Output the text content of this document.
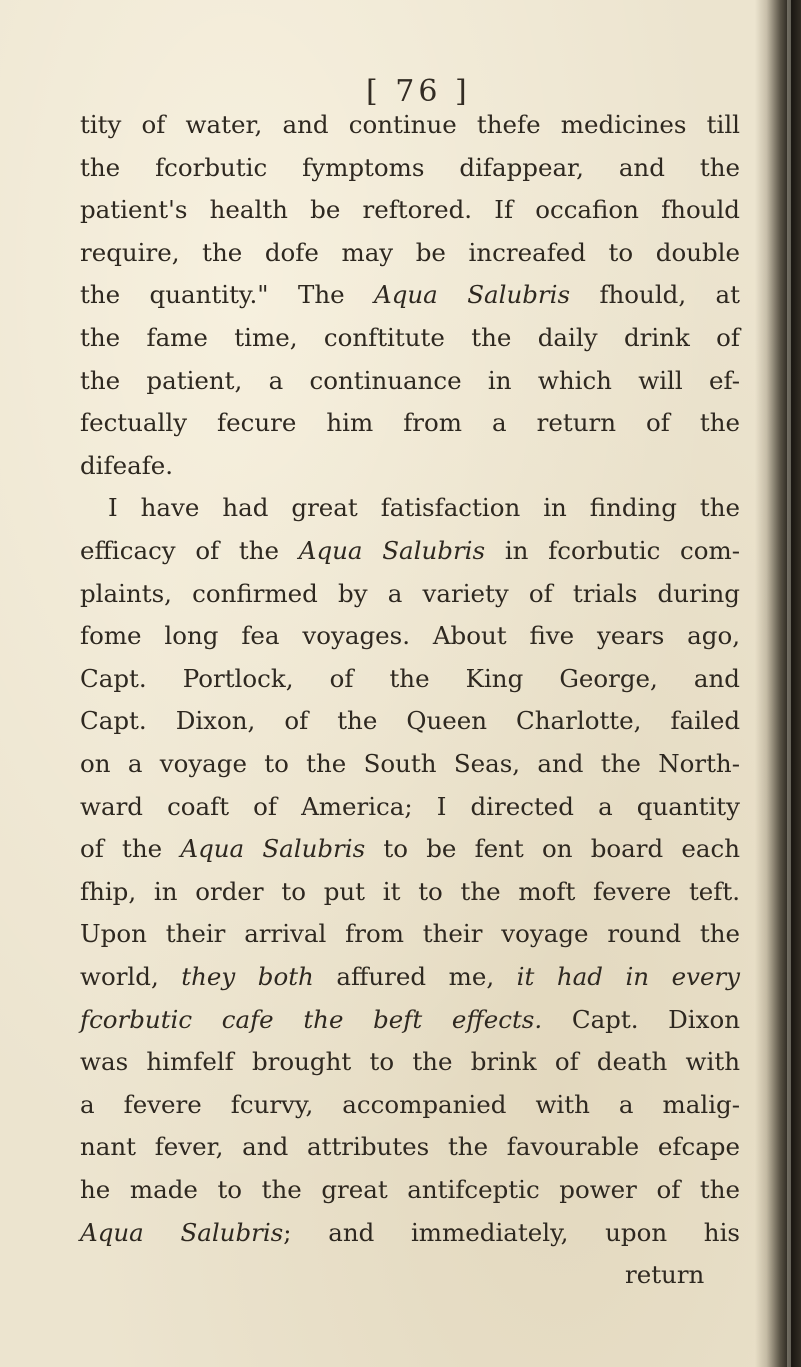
[ 76 ]
tity of water, and continue thefe medicines till
the fcorbutic fymptoms difappear, and the
patient's health be reftored. If occafion fhould
require, the dofe may be increafed to double
the quantity." The Aqua Salubris fhould, at
the fame time, conftitute the daily drink of
the patient, a continuance in which will ef-
fectually fecure him from a return of the
difeafe.
I have had great fatisfaction in finding the
efficacy of the Aqua Salubris in fcorbutic com-
plaints, confirmed by a variety of trials during
fome long fea voyages. About five years ago,
Capt. Portlock, of the King George, and
Capt. Dixon, of the Queen Charlotte, failed
on a voyage to the South Seas, and the North-
ward coaft of America; I directed a quantity
of the Aqua Salubris to be fent on board each
fhip, in order to put it to the moft fevere teft.
Upon their arrival from their voyage round the
world, they both affured me, it had in every
fcorbutic cafe the beft effects. Capt. Dixon
was himfelf brought to the brink of death with
a fevere fcurvy, accompanied with a malig-
nant fever, and attributes the favourable efcape
he made to the great antifceptic power of the
Aqua Salubris; and immediately, upon his
return
